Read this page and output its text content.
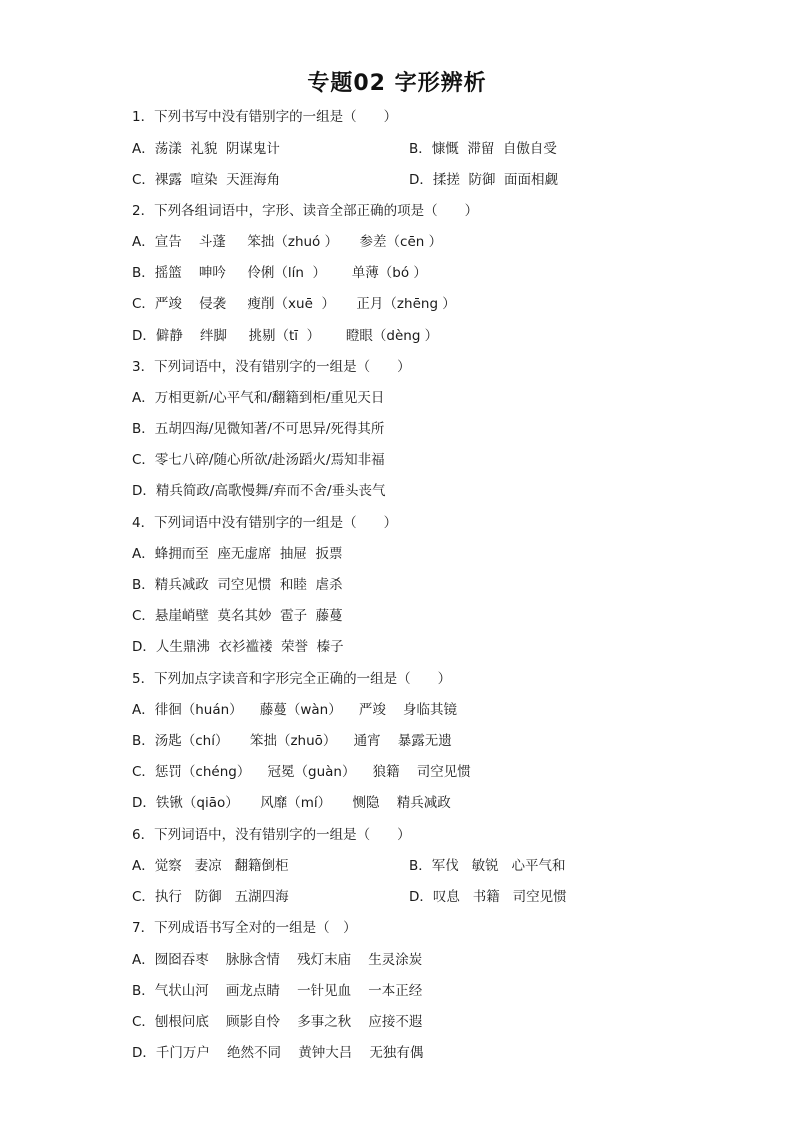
专题02 字形辨析
1．下列书写中没有错别字的一组是（　　）
A．荡漾  礼貌  阴谋鬼计	B．慷慨  滞留  自傲自受
C．裸露  喧染  天涯海角	D．揉搓  防御  面面相觑
2．下列各组词语中，字形、读音全部正确的项是（　　）
A．宣告    斗蓬     笨拙（zhuó ）     参差（cēn ）
B．摇篮    呻吟     伶俐（lín  ）      单薄（bó ）
C．严竣    侵袭     瘦削（xuē  ）     正月（zhēng ）
D．僻静    绊脚     挑剔（tī  ）      瞪眼（dèng ）
3．下列词语中，没有错别字的一组是（　　）
A．万相更新/心平气和/翻籍到柜/重见天日
B．五胡四海/见微知著/不可思异/死得其所
C．零七八碎/随心所欲/赴汤蹈火/焉知非福
D．精兵简政/高歌慢舞/弃而不舍/垂头丧气
4．下列词语中没有错别字的一组是（　　）
A．蜂拥而至  座无虚席  抽屉  扳票
B．精兵减政  司空见惯  和睦  虐杀
C．悬崖峭壁  莫名其妙  雹子  藤蔓
D．人生鼎沸  衣衫褴褛  荣誉  榛子
5．下列加点字读音和字形完全正确的一组是（　　）
A．徘徊（huán）    藤蔓（wàn）    严竣    身临其镜
B．汤匙（chí）     笨拙（zhuō）    通宵    暴露无遗
C．惩罚（chéng）    冠冕（guàn）    狼籍    司空见惯
D．铁锹（qiāo）     风靡（mí）     恻隐    精兵减政
6．下列词语中，没有错别字的一组是（　　）
A．觉察   妻凉   翻籍倒柜	B．军伐   敏锐   心平气和
C．执行   防御   五湖四海	D．叹息   书籍   司空见惯
7．下列成语书写全对的一组是（　）
A．囫囵吞枣    脉脉含情    残灯末庙    生灵涂炭
B．气状山河    画龙点睛    一针见血    一本正经
C．刨根问底    顾影自怜    多事之秋    应接不遐
D．千门万户    绝然不同    黄钟大吕    无独有偶
